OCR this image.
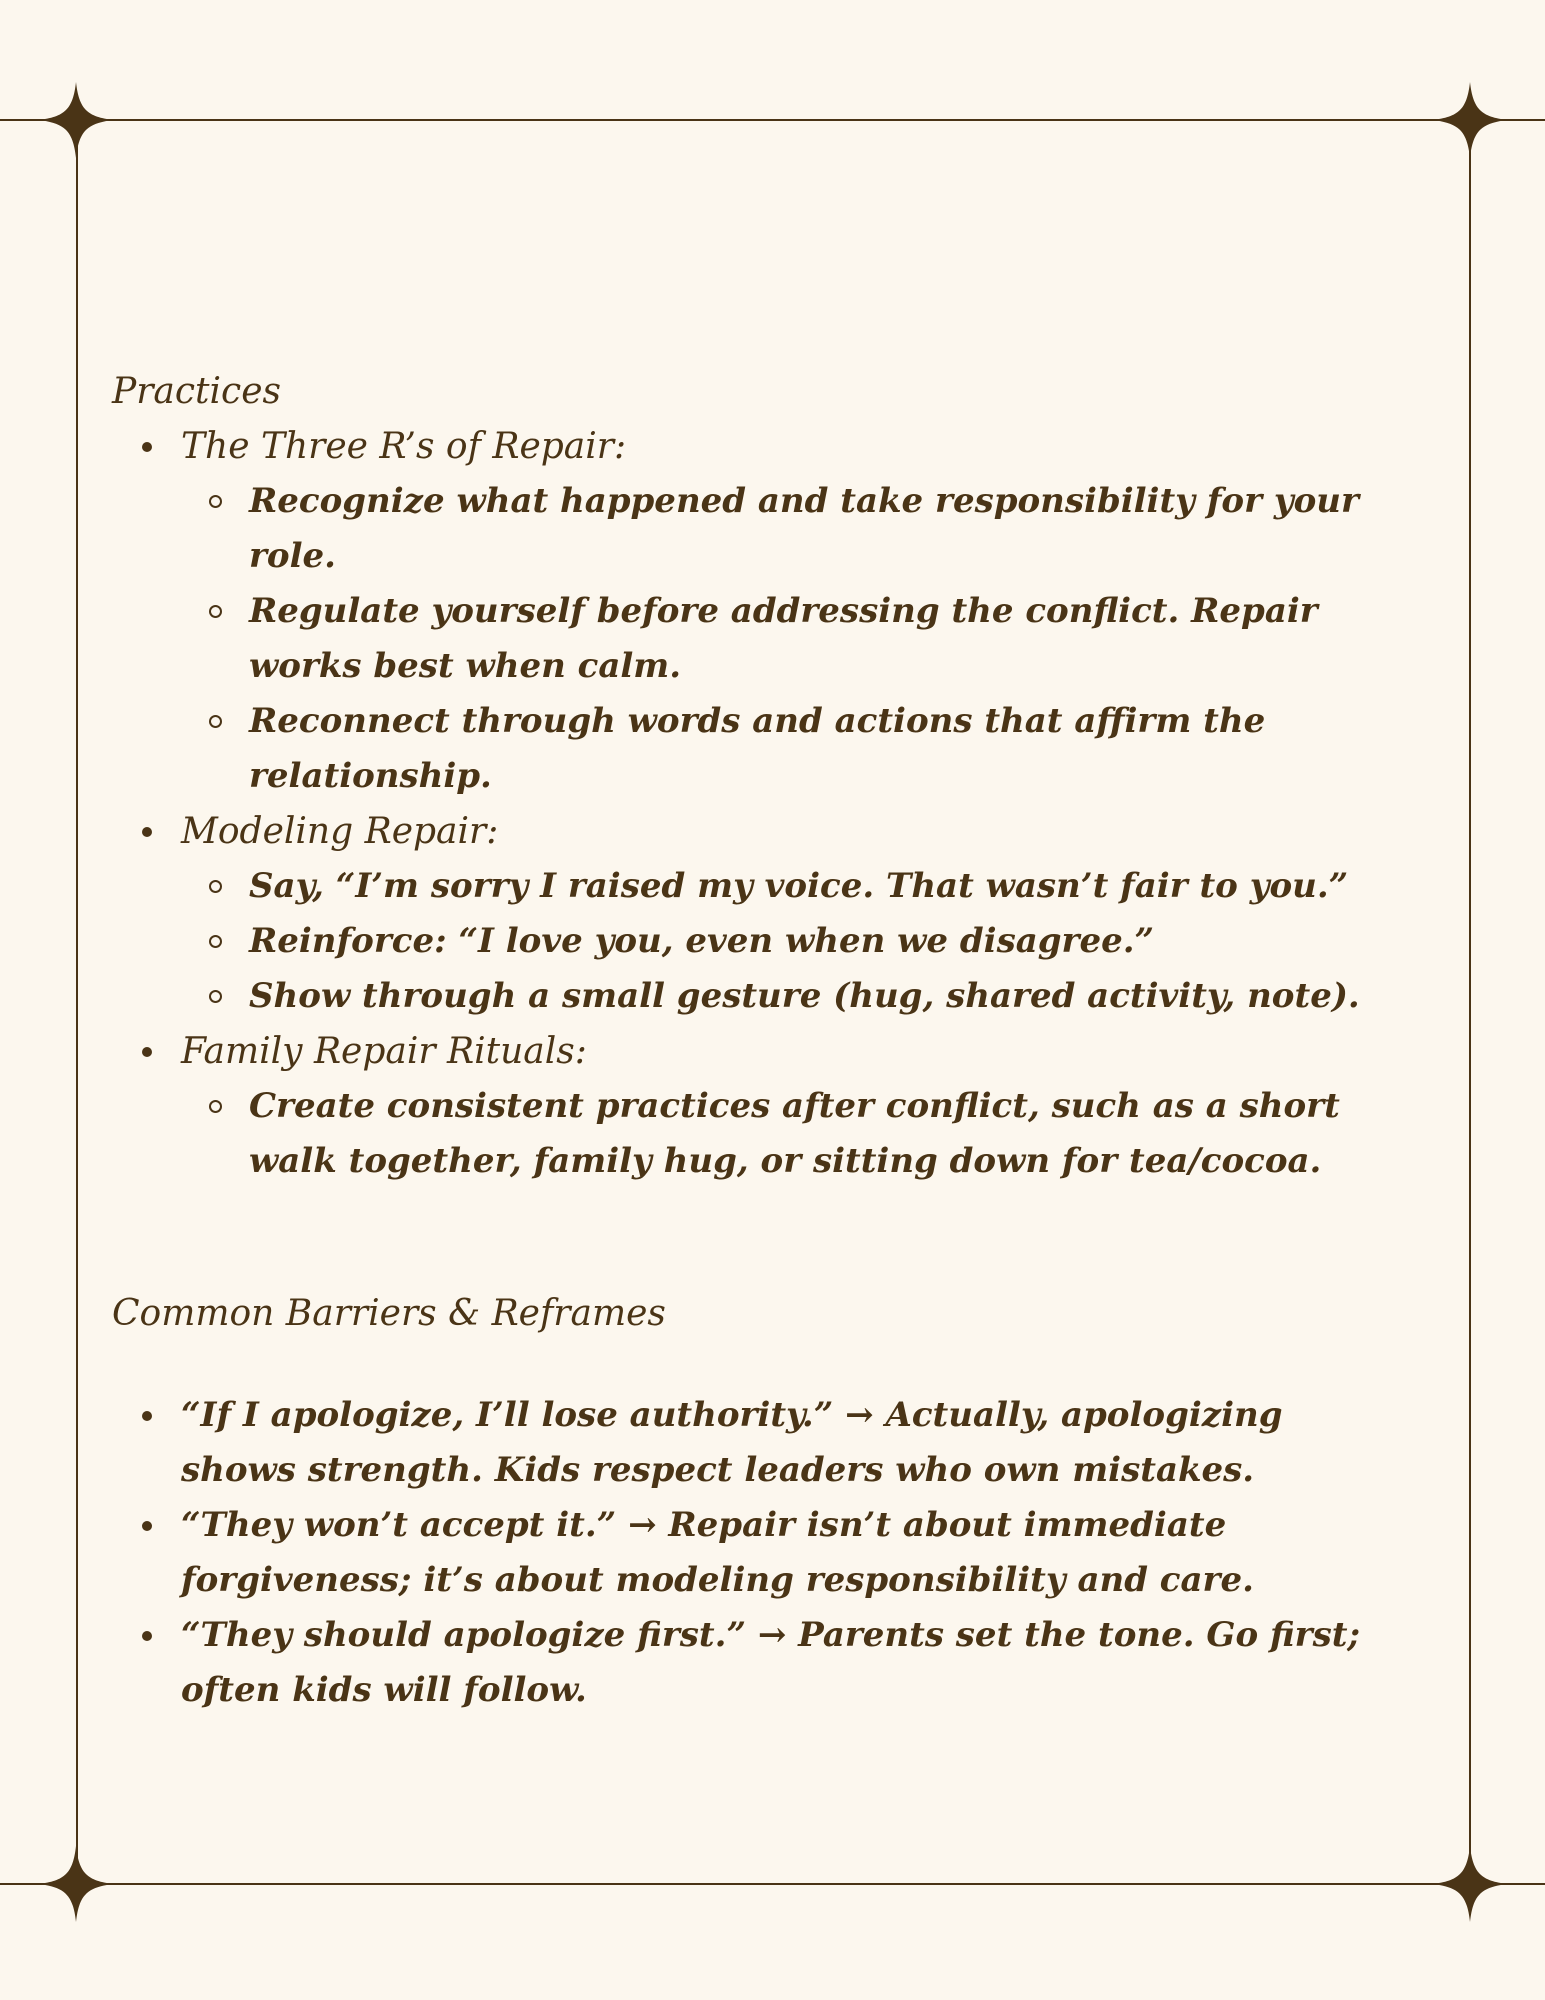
Practices
The Three R’s of Repair:
Recognize what happened and take responsibility for your role.
Regulate yourself before addressing the conflict. Repair works best when calm.
Reconnect through words and actions that affirm the relationship.
Modeling Repair:
Say, “I’m sorry I raised my voice. That wasn’t fair to you.”
Reinforce: “I love you, even when we disagree.”
Show through a small gesture (hug, shared activity, note).
Family Repair Rituals:
Create consistent practices after conflict, such as a short walk together, family hug, or sitting down for tea/cocoa.
Common Barriers & Reframes
“If I apologize, I’ll lose authority.” → Actually, apologizing shows strength. Kids respect leaders who own mistakes.
“They won’t accept it.” → Repair isn’t about immediate forgiveness; it’s about modeling responsibility and care.
“They should apologize first.” → Parents set the tone. Go first; often kids will follow.
